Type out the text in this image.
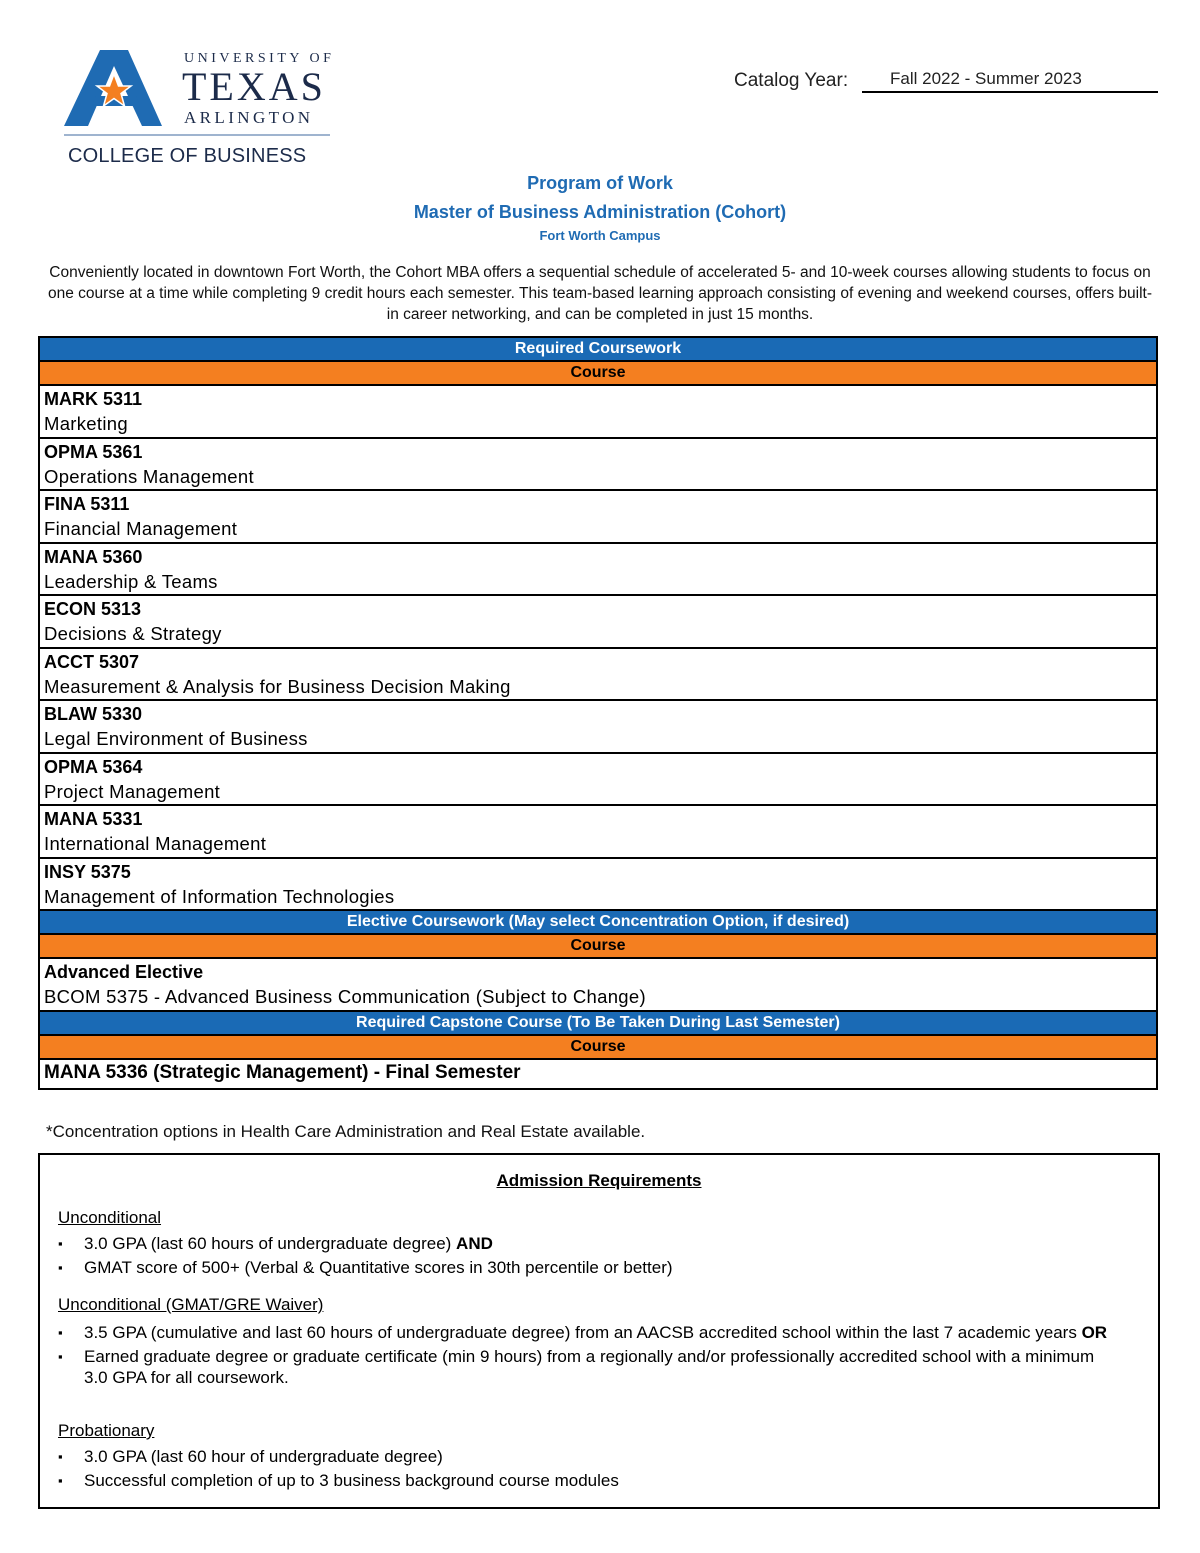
UNIVERSITY OF
TEXAS
ARLINGTON
COLLEGE OF BUSINESS
Catalog Year: Fall 2022 - Summer 2023
Program of Work
Master of Business Administration (Cohort)
Fort Worth Campus
Conveniently located in downtown Fort Worth, the Cohort MBA offers a sequential schedule of accelerated 5- and 10-week courses allowing students to focus on one course at a time while completing 9 credit hours each semester. This team-based learning approach consisting of evening and weekend courses, offers built-in career networking, and can be completed in just 15 months.
Required Coursework
Course
MARK 5311
Marketing
OPMA 5361
Operations Management
FINA 5311
Financial Management
MANA 5360
Leadership & Teams
ECON 5313
Decisions & Strategy
ACCT 5307
Measurement & Analysis for Business Decision Making
BLAW 5330
Legal Environment of Business
OPMA 5364
Project Management
MANA 5331
International Management
INSY 5375
Management of Information Technologies
Elective Coursework (May select Concentration Option, if desired)
Course
Advanced Elective
BCOM 5375 - Advanced Business Communication (Subject to Change)
Required Capstone Course (To Be Taken During Last Semester)
Course
MANA 5336 (Strategic Management) - Final Semester
*Concentration options in Health Care Administration and Real Estate available.
Admission Requirements
Unconditional
▪ 3.0 GPA (last 60 hours of undergraduate degree) AND
▪ GMAT score of 500+ (Verbal & Quantitative scores in 30th percentile or better)
Unconditional (GMAT/GRE Waiver)
▪ 3.5 GPA (cumulative and last 60 hours of undergraduate degree) from an AACSB accredited school within the last 7 academic years OR
▪ Earned graduate degree or graduate certificate (min 9 hours) from a regionally and/or professionally accredited school with a minimum 3.0 GPA for all coursework.
Probationary
▪ 3.0 GPA (last 60 hour of undergraduate degree)
▪ Successful completion of up to 3 business background course modules
